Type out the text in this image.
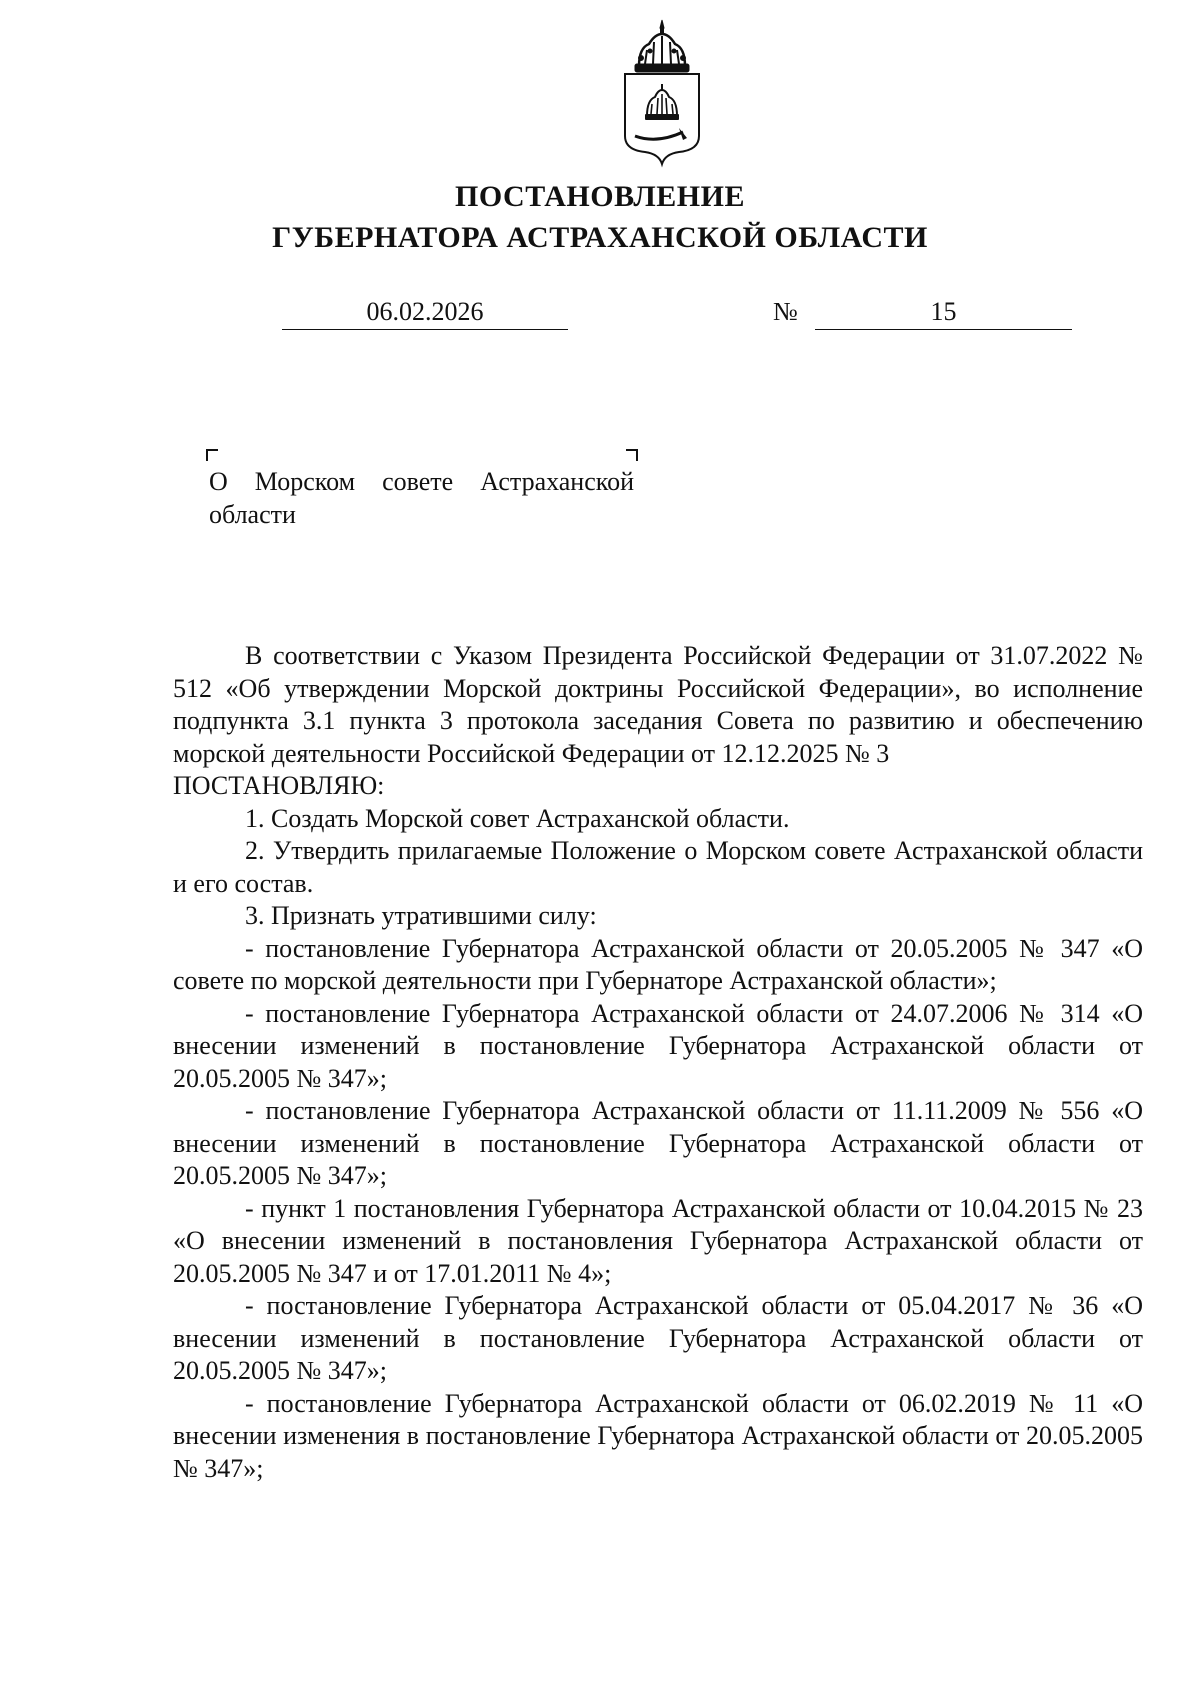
ПОСТАНОВЛЕНИЕ
ГУБЕРНАТОРА АСТРАХАНСКОЙ ОБЛАСТИ
06.02.2026	№	15
О Морском совете Астраханской области

В соответствии с Указом Президента Российской Федерации от 31.07.2022 № 512 «Об утверждении Морской доктрины Российской Федерации», во исполнение подпункта 3.1 пункта 3 протокола заседания Совета по развитию и обеспечению морской деятельности Российской Федерации от 12.12.2025 № 3

ПОСТАНОВЛЯЮ:

1. Создать Морской совет Астраханской области.

2. Утвердить прилагаемые Положение о Морском совете Астраханской области и его состав.

3. Признать утратившими силу:

- постановление Губернатора Астраханской области от 20.05.2005 № 347 «О совете по морской деятельности при Губернаторе Астраханской области»;

- постановление Губернатора Астраханской области от 24.07.2006 № 314 «О внесении изменений в постановление Губернатора Астраханской области от 20.05.2005 № 347»;

- постановление Губернатора Астраханской области от 11.11.2009 № 556 «О внесении изменений в постановление Губернатора Астраханской области от 20.05.2005 № 347»;

- пункт 1 постановления Губернатора Астраханской области от 10.04.2015 № 23 «О внесении изменений в постановления Губернатора Астраханской области от 20.05.2005 № 347 и от 17.01.2011 № 4»;

- постановление Губернатора Астраханской области от 05.04.2017 № 36 «О внесении изменений в постановление Губернатора Астраханской области от 20.05.2005 № 347»;

- постановление Губернатора Астраханской области от 06.02.2019 № 11 «О внесении изменения в постановление Губернатора Астраханской области от 20.05.2005 № 347»;
